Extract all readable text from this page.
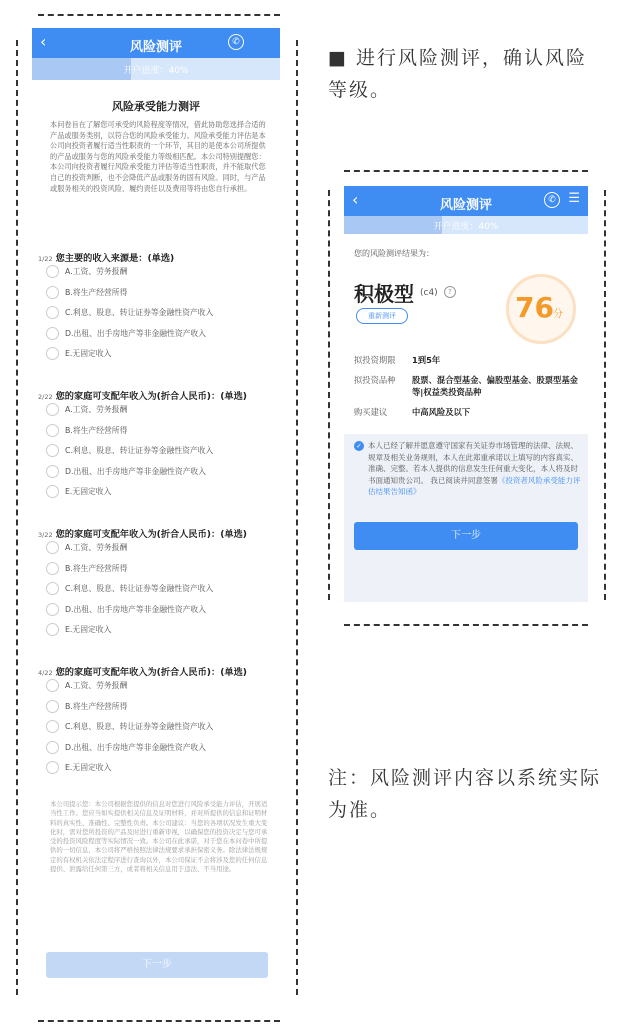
‹	风险测评	✆
开户进度：40%
风险承受能力测评
本问卷旨在了解您可承受的风险程度等情况，借此协助您选择合适的产品或服务类别，以符合您的风险承受能力。风险承受能力评估是本公司向投资者履行适当性职责的一个环节，其目的是使本公司所提供的产品或服务与您的风险承受能力等级相匹配。本公司特别提醒您：本公司向投资者履行风险承受能力评估等适当性职责，并不能取代您自己的投资判断，也不会降低产品或服务的固有风险。同时，与产品或服务相关的投资风险、履约责任以及费用等将由您自行承担。
1/22 您主要的收入来源是：(单选)
A.工资、劳务报酬
B.将生产经营所得
C.利息、股息、转让证券等金融性资产收入
D.出租、出手房地产等非金融性资产收入
E.无固定收入
2/22 您的家庭可支配年收入为(折合人民币)：(单选)
A.工资、劳务报酬
B.将生产经营所得
C.利息、股息、转让证券等金融性资产收入
D.出租、出手房地产等非金融性资产收入
E.无固定收入
3/22 您的家庭可支配年收入为(折合人民币)：(单选)
A.工资、劳务报酬
B.将生产经营所得
C.利息、股息、转让证券等金融性资产收入
D.出租、出手房地产等非金融性资产收入
E.无固定收入
4/22 您的家庭可支配年收入为(折合人民币)：(单选)
A.工资、劳务报酬
B.将生产经营所得
C.利息、股息、转让证券等金融性资产收入
D.出租、出手房地产等非金融性资产收入
E.无固定收入
本公司提示您：本公司根据您提供的信息对您进行风险承受能力评估，开展适当性工作。您应当如实提供相关信息及证明材料，并对所提供的信息和证明材料的真实性、准确性、完整性负责。本公司建议：当您的各项状况发生重大变化时，需对您所投资的产品及时进行重新审视，以确保您的投资决定与您可承受的投资风险程度等实际情况一致。本公司在此承诺，对于您在本问卷中所提供的一切信息，本公司将严格按照法律法规要求承担保密义务。除法律法规规定的有权机关依法定程序进行查询以外，本公司保证不会将涉及您的任何信息提供、泄露给任何第三方，或者将相关信息用于违法、不当用途。
下一步
■ 进行风险测评，确认风险等级。
注：风险测评内容以系统实际为准。
‹	风险测评	✆ ☰
开户进度：40%
您的风险测评结果为：
积极型 (c4)	?
重新测评	76 分
拟投资期限	1到5年
拟投资品种	股票、混合型基金、偏股型基金、股票型基金等|权益类投资品种
购买建议	中高风险及以下
✓ 本人已经了解并愿意遵守国家有关证券市场管理的法律、法规、规章及相关业务规则，本人在此郑重承诺以上填写的内容真实、准确、完整。若本人提供的信息发生任何重大变化，本人将及时书面通知贵公司。 我已阅读并同意签署《投资者风险承受能力评估结果告知函》
下一步
